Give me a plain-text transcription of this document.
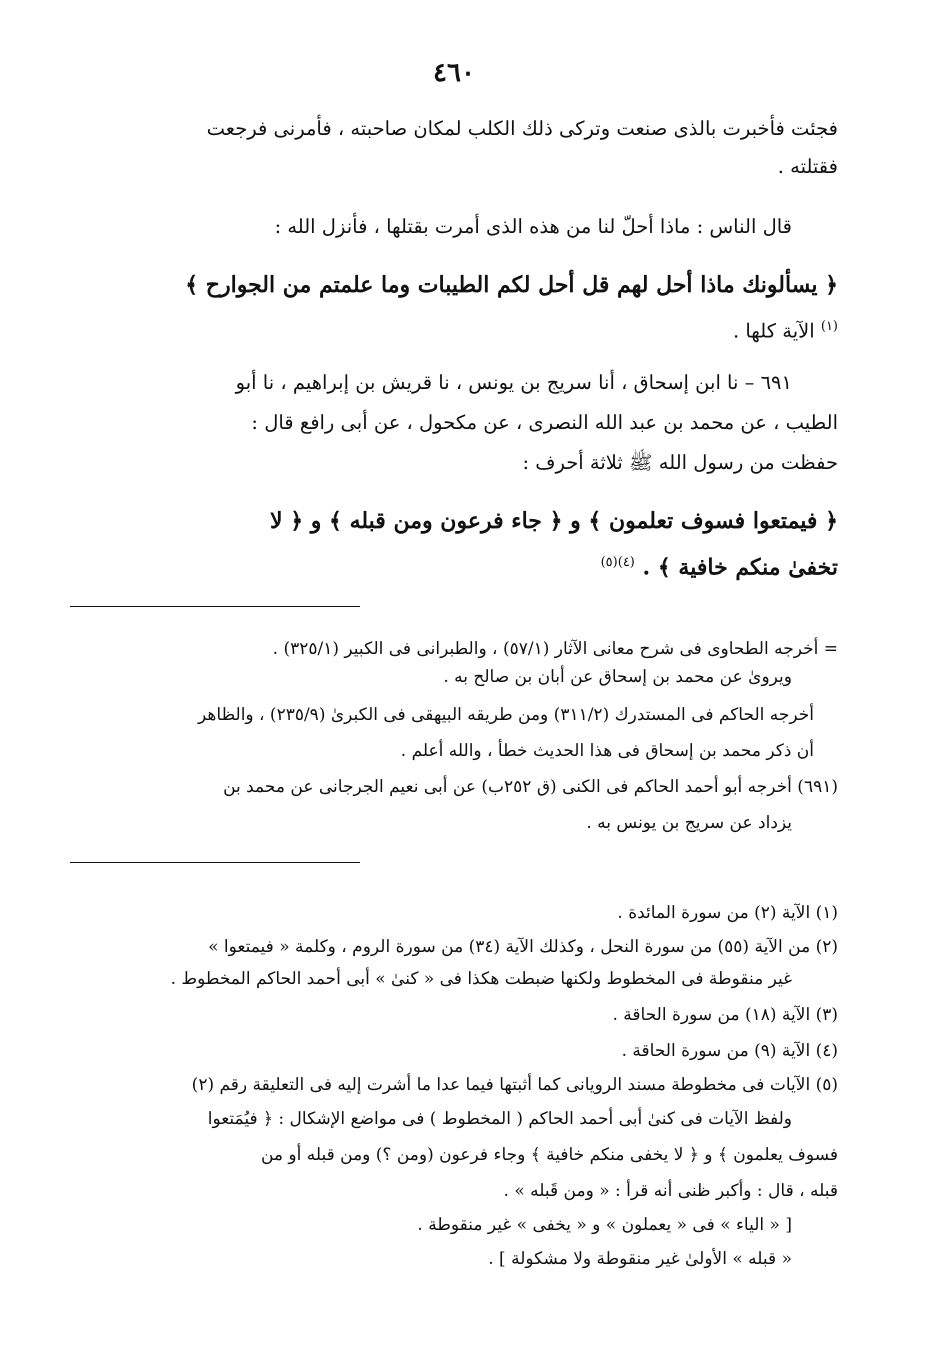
٤٦٠
فجئت فأخبرت بالذى صنعت وتركى ذلك الكلب لمكان صاحبته ، فأمرنى فرجعت
فقتلته .
قال الناس : ماذا أحلّ لنا من هذه الذى أمرت بقتلها ، فأنزل الله :
﴿ يسألونك ماذا أحل لهم قل أحل لكم الطيبات وما علمتم من الجوارح ﴾
$^{(١)}$ الآية كلها .
٦٩١ – نا ابن إسحاق ، أنا سريج بن يونس ، نا قريش بن إبراهيم ، نا أبو
الطيب ، عن محمد بن عبد الله النصرى ، عن مكحول ، عن أبى رافع قال :
حفظت من رسول الله ﷺ ثلاثة أحرف :
﴿ فيمتعوا فسوف تعلمون ﴾ و ﴿ جاء فرعون ومن قبله ﴾ و ﴿ لا
تخفىٰ منكم خافية ﴾ . $^{(٤)(٥)}$
= أخرجه الطحاوى فى شرح معانى الآثار (٥٧/١) ، والطبرانى فى الكبير (٣٢٥/١) .
ويروىٰ عن محمد بن إسحاق عن أبان بن صالح به .
أخرجه الحاكم فى المستدرك (٣١١/٢) ومن طريقه البيهقى فى الكبرىٰ (٢٣٥/٩) ، والظاهر
أن ذكر محمد بن إسحاق فى هذا الحديث خطأ ، والله أعلم .
(٦٩١) أخرجه أبو أحمد الحاكم فى الكنى (ق ٢٥٢ب) عن أبى نعيم الجرجانى عن محمد بن
يزداد عن سريج بن يونس به .
(١) الآية (٢) من سورة المائدة .
(٢) من الآية (٥٥) من سورة النحل ، وكذلك الآية (٣٤) من سورة الروم ، وكلمة « فيمتعوا »
غير منقوطة فى المخطوط ولكنها ضبطت هكذا فى « كنىٰ » أبى أحمد الحاكم المخطوط .
(٣) الآية (١٨) من سورة الحاقة .
(٤) الآية (٩) من سورة الحاقة .
(٥) الآيات فى مخطوطة مسند الرويانى كما أثبتها فيما عدا ما أشرت إليه فى التعليقة رقم (٢)
ولفظ الآيات فى كنىٰ أبى أحمد الحاكم ( المخطوط ) فى مواضع الإشكال : ﴿ فيُمَتعوا
فسوف يعلمون ﴾ و ﴿ لا يخفى منكم خافية ﴾ وجاء فرعون (ومن ؟) ومن قبله أو من
قبله ، قال : وأكبر ظنى أنه قرأ : « ومن قَبله » .
[ « الياء » فى « يعملون » و « يخفى » غير منقوطة .
« قبله » الأولىٰ غير منقوطة ولا مشكولة ] .
